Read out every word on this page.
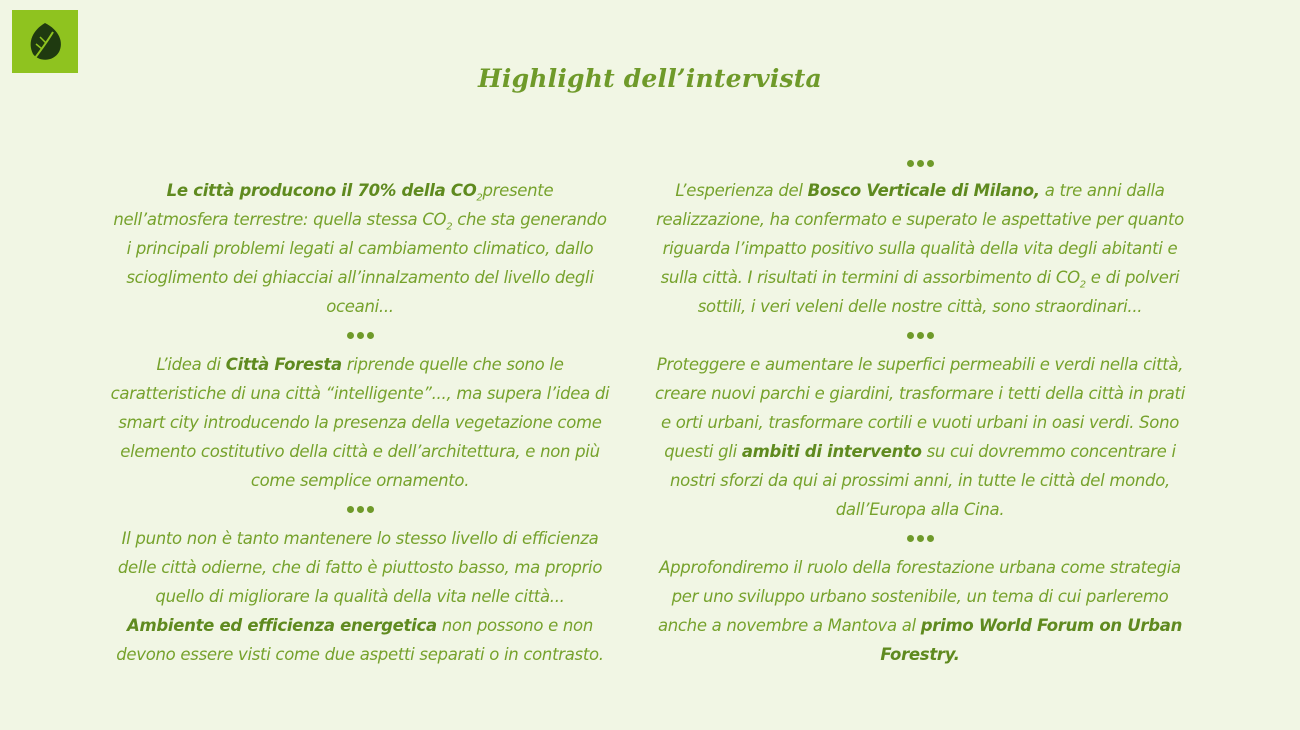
Highlight dell’intervista

Le città producono il 70% della $CO_2presente$ nell’atmosfera terrestre: quella stessa $CO_2$ che sta generando i principali problemi legati al cambiamento climatico, dallo scioglimento dei ghiacciai all’innalzamento del livello degli oceani...

L’idea di Città Foresta riprende quelle che sono le caratteristiche di una città “intelligente”..., ma supera l’idea di smart city introducendo la presenza della vegetazione come elemento costitutivo della città e dell’architettura, e non più come semplice ornamento.

Il punto non è tanto mantenere lo stesso livello di efficienza delle città odierne, che di fatto è piuttosto basso, ma proprio quello di migliorare la qualità della vita nelle città... Ambiente ed efficienza energetica non possono e non devono essere visti come due aspetti separati o in contrasto.

L’esperienza del Bosco Verticale di Milano, a tre anni dalla realizzazione, ha confermato e superato le aspettative per quanto riguarda l’impatto positivo sulla qualità della vita degli abitanti e sulla città. I risultati in termini di assorbimento di $CO_2$ e di polveri sottili, i veri veleni delle nostre città, sono straordinari...

Proteggere e aumentare le superfici permeabili e verdi nella città, creare nuovi parchi e giardini, trasformare i tetti della città in prati e orti urbani, trasformare cortili e vuoti urbani in oasi verdi. Sono questi gli ambiti di intervento su cui dovremmo concentrare i nostri sforzi da qui ai prossimi anni, in tutte le città del mondo, dall’Europa alla Cina.

Approfondiremo il ruolo della forestazione urbana come strategia per uno sviluppo urbano sostenibile, un tema di cui parleremo anche a novembre a Mantova al primo World Forum on Urban Forestry.
